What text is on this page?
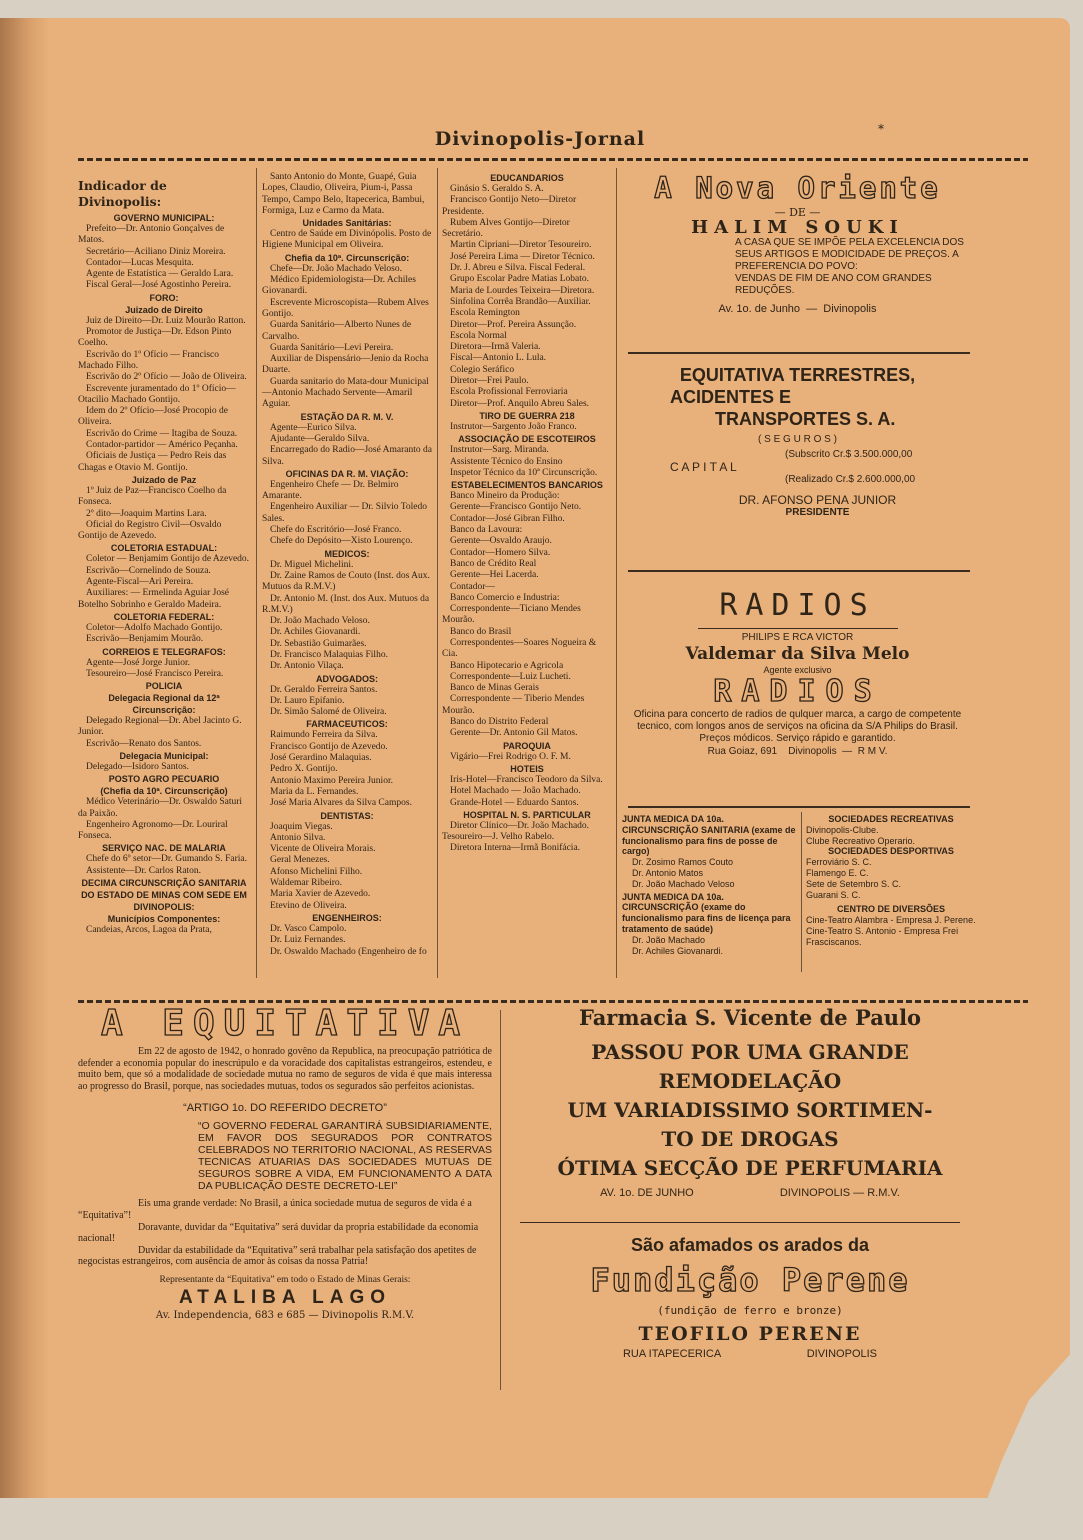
Divinopolis-Jornal	*
Indicador de Divinopolis:
GOVERNO MUNICIPAL:
Prefeito—Dr. Antonio Gonçalves de Matos.
Secretário—Aciliano Diniz Moreira.
Contador—Lucas Mesquita.
Agente de Estatística — Geraldo Lara.
Fiscal Geral—José Agostinho Pereira.
FORO:
Juizado de Direito
Juiz de Direito—Dr. Luiz Mourão Ratton.
Promotor de Justiça—Dr. Edson Pinto Coelho.
Escrivão do 1º Ofício — Francisco Machado Filho.
Escrivão do 2º Ofício — João de Oliveira.
Escrevente juramentado do 1º Ofício—Otacilio Machado Gontijo.
Idem do 2º Ofício—José Procopio de Oliveira.
Escrivão do Crime — Itagiba de Souza.
Contador-partidor — Américo Peçanha.
Oficiais de Justiça — Pedro Reis das Chagas e Otavio M. Gontijo.
Juizado de Paz
1º Juiz de Paz—Francisco Coelho da Fonseca.
2º dito—Joaquim Martins Lara.
Oficial do Registro Civil—Osvaldo Gontijo de Azevedo.
COLETORIA ESTADUAL:
Coletor — Benjamim Gontijo de Azevedo.
Escrivão—Cornelindo de Souza.
Agente-Fiscal—Ari Pereira.
Auxiliares: — Ermelinda Aguiar José Botelho Sobrinho e Geraldo Madeira.
COLETORIA FEDERAL:
Coletor—Adolfo Machado Gontijo.
Escrivão—Benjamim Mourão.
CORREIOS E TELEGRAFOS:
Agente—José Jorge Junior.
Tesoureiro—José Francisco Pereira.
POLICIA
Delegacia Regional da 12ª Circunscrição:
Delegado Regional—Dr. Abel Jacinto G. Junior.
Escrivão—Renato dos Santos.
Delegacia Municipal:
Delegado—Isidoro Santos.
POSTO AGRO PECUARIO
(Chefia da 10ª. Circunscrição)
Médico Veterinário—Dr. Oswaldo Saturi da Paixão.
Engenheiro Agronomo—Dr. Louriral Fonseca.
SERVIÇO NAC. DE MALARIA
Chefe do 6º setor—Dr. Gumando S. Faria.
Assistente—Dr. Carlos Raton.
DECIMA CIRCUNSCRIÇÃO SANITARIA DO ESTADO DE MINAS COM SEDE EM DIVINOPOLIS:
Municípios Componentes:
Candeias, Arcos, Lagoa da Prata,
Santo Antonio do Monte, Guapé, Guia Lopes, Claudio, Oliveira, Pium-i, Passa Tempo, Campo Belo, Itapecerica, Bambui, Formiga, Luz e Carmo da Mata.
Unidades Sanitárias:
Centro de Saúde em Divinópolis. Posto de Higiene Municipal em Oliveira.
Chefia da 10ª. Circunscrição:
Chefe—Dr. João Machado Veloso.
Médico Epidemiologista—Dr. Achiles Giovanardi.
Escrevente Microscopista—Rubem Alves Gontijo.
Guarda Sanitário—Alberto Nunes de Carvalho.
Guarda Sanitário—Levi Pereira.
Auxiliar de Dispensário—Jenio da Rocha Duarte.
Guarda sanitario do Mata-dour Municipal—Antonio Machado Servente—Amaril Aguiar.
ESTAÇÃO DA R. M. V.
Agente—Eurico Silva.
Ajudante—Geraldo Silva.
Encarregado do Radio—José Amaranto da Silva.
OFICINAS DA R. M. VIAÇÃO:
Engenheiro Chefe — Dr. Belmiro Amarante.
Engenheiro Auxiliar — Dr. Silvio Toledo Sales.
Chefe do Escritório—José Franco.
Chefe do Depósito—Xisto Lourenço.
MEDICOS:
Dr. Miguel Michelini.
Dr. Zaine Ramos de Couto (Inst. dos Aux. Mutuos da R.M.V.)
Dr. Antonio M. (Inst. dos Aux. Mutuos da R.M.V.)
Dr. João Machado Veloso.
Dr. Achiles Giovanardi.
Dr. Sebastião Guimarães.
Dr. Francisco Malaquias Filho.
Dr. Antonio Vilaça.
ADVOGADOS:
Dr. Geraldo Ferreira Santos.
Dr. Lauro Epifanio.
Dr. Simão Salomé de Oliveira.
FARMACEUTICOS:
Raimundo Ferreira da Silva.
Francisco Gontijo de Azevedo.
José Gerardino Malaquias.
Pedro X. Gontijo.
Antonio Maximo Pereira Junior.
Maria da L. Fernandes.
José Maria Alvares da Silva Campos.
DENTISTAS:
Joaquim Viegas.
Antonio Silva.
Vicente de Oliveira Morais.
Geral Menezes.
Afonso Michelini Filho.
Waldemar Ribeiro.
Maria Xavier de Azevedo.
Etevino de Oliveira.
ENGENHEIROS:
Dr. Vasco Campolo.
Dr. Luiz Fernandes.
Dr. Oswaldo Machado (Engenheiro de fo
EDUCANDARIOS
Ginásio S. Geraldo S. A.
Francisco Gontijo Neto—Diretor Presidente.
Rubem Alves Gontijo—Diretor Secretário.
Martin Cipriani—Diretor Tesoureiro.
José Pereira Lima — Diretor Técnico.
Dr. J. Abreu e Silva. Fiscal Federal.
Grupo Escolar Padre Matias Lobato.
Maria de Lourdes Teixeira—Diretora.
Sinfolina Corrêa Brandão—Auxiliar.
Escola Remington
Diretor—Prof. Pereira Assunção.
Escola Normal
Diretora—Irmã Valeria.
Fiscal—Antonio L. Lula.
Colegio Seráfico
Diretor—Frei Paulo.
Escola Profissional Ferroviaria
Diretor—Prof. Anquilo Abreu Sales.
TIRO DE GUERRA 218
Instrutor—Sargento João Franco.
ASSOCIAÇÃO DE ESCOTEIROS
Instrutor—Sarg. Miranda.
Assistente Técnico do Ensino
Inspetor Técnico da 10ª Circunscrição.
ESTABELECIMENTOS BANCARIOS
Banco Mineiro da Produção:
Gerente—Francisco Gontijo Neto.
Contador—José Gibran Filho.
Banco da Lavoura:
Gerente—Osvaldo Araujo.
Contador—Homero Silva.
Banco de Crédito Real
Gerente—Hei Lacerda.
Contador—
Banco Comercio e Industria:
Correspondente—Ticiano Mendes Mourão.
Banco do Brasil
Correspondentes—Soares Nogueira & Cia.
Banco Hipotecario e Agricola
Correspondente—Luiz Lucheti.
Banco de Minas Gerais
Correspondente — Tiberio Mendes Mourão.
Banco do Distrito Federal
Gerente—Dr. Antonio Gil Matos.
PAROQUIA
Vigário—Frei Rodrigo O. F. M.
HOTEIS
Iris-Hotel—Francisco Teodoro da Silva.
Hotel Machado — João Machado.
Grande-Hotel — Eduardo Santos.
HOSPITAL N. S. PARTICULAR
Diretor Clínico—Dr. João Machado. Tesoureiro—J. Velho Rabelo.
Diretora Interna—Irmã Bonifácia.
A Nova Oriente
— DE —
HALIM SOUKI
A CASA QUE SE IMPÕE PELA EXCELENCIA DOS SEUS ARTIGOS E MODICIDADE DE PREÇOS. A PREFERENCIA DO POVO:
VENDAS DE FIM DE ANO COM GRANDES REDUÇÕES.
Av. 1o. de Junho  —  Divinopolis
EQUITATIVA TERRESTRES,
ACIDENTES E
TRANSPORTES S. A.
( S E G U R O S )
(Subscrito Cr.$ 3.500.000,00
C A P I T A L
(Realizado Cr.$ 2.600.000,00
DR. AFONSO PENA JUNIOR
PRESIDENTE
RADIOS
PHILIPS E RCA VICTOR
Valdemar da Silva Melo
Agente exclusivo
RADIOS
Oficina para concerto de radios de qulquer marca, a cargo de competente tecnico, com longos anos de serviços na oficina da S/A Philips do Brasil.
Preços módicos. Serviço rápido e garantido.
Rua Goiaz, 691 Divinopolis  —  R M V.
JUNTA MEDICA DA 10a. CIRCUNSCRIÇÃO SANITARIA (exame de funcionalismo para fins de posse de cargo)
Dr. Zosimo Ramos Couto
Dr. Antonio Matos
Dr. João Machado Veloso
JUNTA MEDICA DA 10a. CIRCUNSCRIÇÃO (exame do funcionalismo para fins de licença para tratamento de saúde)
Dr. João Machado
Dr. Achiles Giovanardi.
SOCIEDADES RECREATIVAS
Divinopolis-Clube.
Clube Recreativo Operario.
SOCIEDADES DESPORTIVAS
Ferroviário S. C.
Flamengo E. C.
Sete de Setembro S. C.
Guarani S. C.
CENTRO DE DIVERSÕES
Cine-Teatro Alambra - Empresa J. Perene.
Cine-Teatro S. Antonio - Empresa Frei Frasciscanos.
A EQUITATIVA
Em 22 de agosto de 1942, o honrado govêno da Republica, na preocupação patriótica de defender a economia popular do inescrúpulo e da voracidade dos capitalistas estrangeiros, estendeu, e muito bem, que só a modalidade de sociedade mutua no ramo de seguros de vida é que mais interessa ao progresso do Brasil, porque, nas sociedades mutuas, todos os segurados são perfeitos acionistas.
“ARTIGO 1o. DO REFERIDO DECRETO”
“O GOVERNO FEDERAL GARANTIRÁ SUBSIDIARIAMENTE, EM FAVOR DOS SEGURADOS POR CONTRATOS CELEBRADOS NO TERRITORIO NACIONAL, AS RESERVAS TECNICAS ATUARIAS DAS SOCIEDADES MUTUAS DE SEGUROS SOBRE A VIDA, EM FUNCIONAMENTO A DATA DA PUBLICAÇÃO DESTE DECRETO-LEI”
Eis uma grande verdade: No Brasil, a única sociedade mutua de seguros de vida é a “Equitativa”!
Doravante, duvidar da “Equitativa” será duvidar da propria estabilidade da economia nacional!
Duvidar da estabilidade da “Equitativa” será trabalhar pela satisfação dos apetites de negocistas estrangeiros, com ausência de amor às coisas da nossa Patria!
Representante da “Equitativa” em todo o Estado de Minas Gerais:
ATALIBA LAGO
Av. Independencia, 683 e 685 — Divinopolis R.M.V.
Farmacia S. Vicente de Paulo
PASSOU POR UMA GRANDE
REMODELAÇÃO
UM VARIADISSIMO SORTIMEN-
TO DE DROGAS
ÓTIMA SECÇÃO DE PERFUMARIA
AV. 1o. DE JUNHO	DIVINOPOLIS — R.M.V.
São afamados os arados da
Fundição Perene
(fundição de ferro e bronze)
TEOFILO PERENE
RUA ITAPECERICA	DIVINOPOLIS
